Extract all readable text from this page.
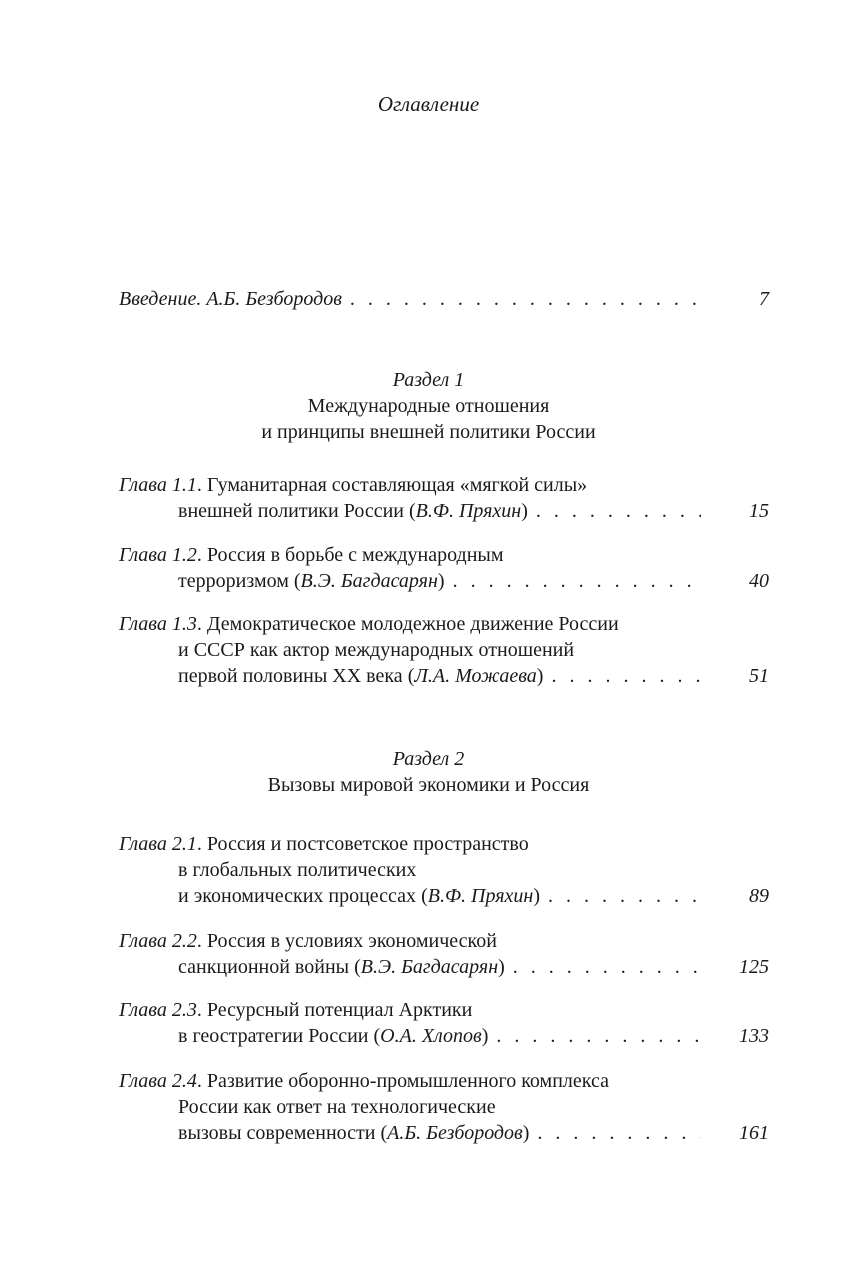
Оглавление
Введение. А.Б. Безбородов . . .	7
Раздел 1
Международные отношения
и принципы внешней политики России
Глава 1.1. Гуманитарная составляющая «мягкой силы»
внешней политики России (В.Ф. Пряхин) . . .	15
Глава 1.2. Россия в борьбе с международным
терроризмом (В.Э. Багдасарян) . . .	40
Глава 1.3. Демократическое молодежное движение России
и СССР как актор международных отношений
первой половины XX века (Л.А. Можаева) . . .	51
Раздел 2
Вызовы мировой экономики и Россия
Глава 2.1. Россия и постсоветское пространство
в глобальных политических
и экономических процессах (В.Ф. Пряхин) . . .	89
Глава 2.2. Россия в условиях экономической
санкционной войны (В.Э. Багдасарян) . . .	125
Глава 2.3. Ресурсный потенциал Арктики
в геостратегии России (О.А. Хлопов) . . .	133
Глава 2.4. Развитие оборонно-промышленного комплекса
России как ответ на технологические
вызовы современности (А.Б. Безбородов) . . .	161
